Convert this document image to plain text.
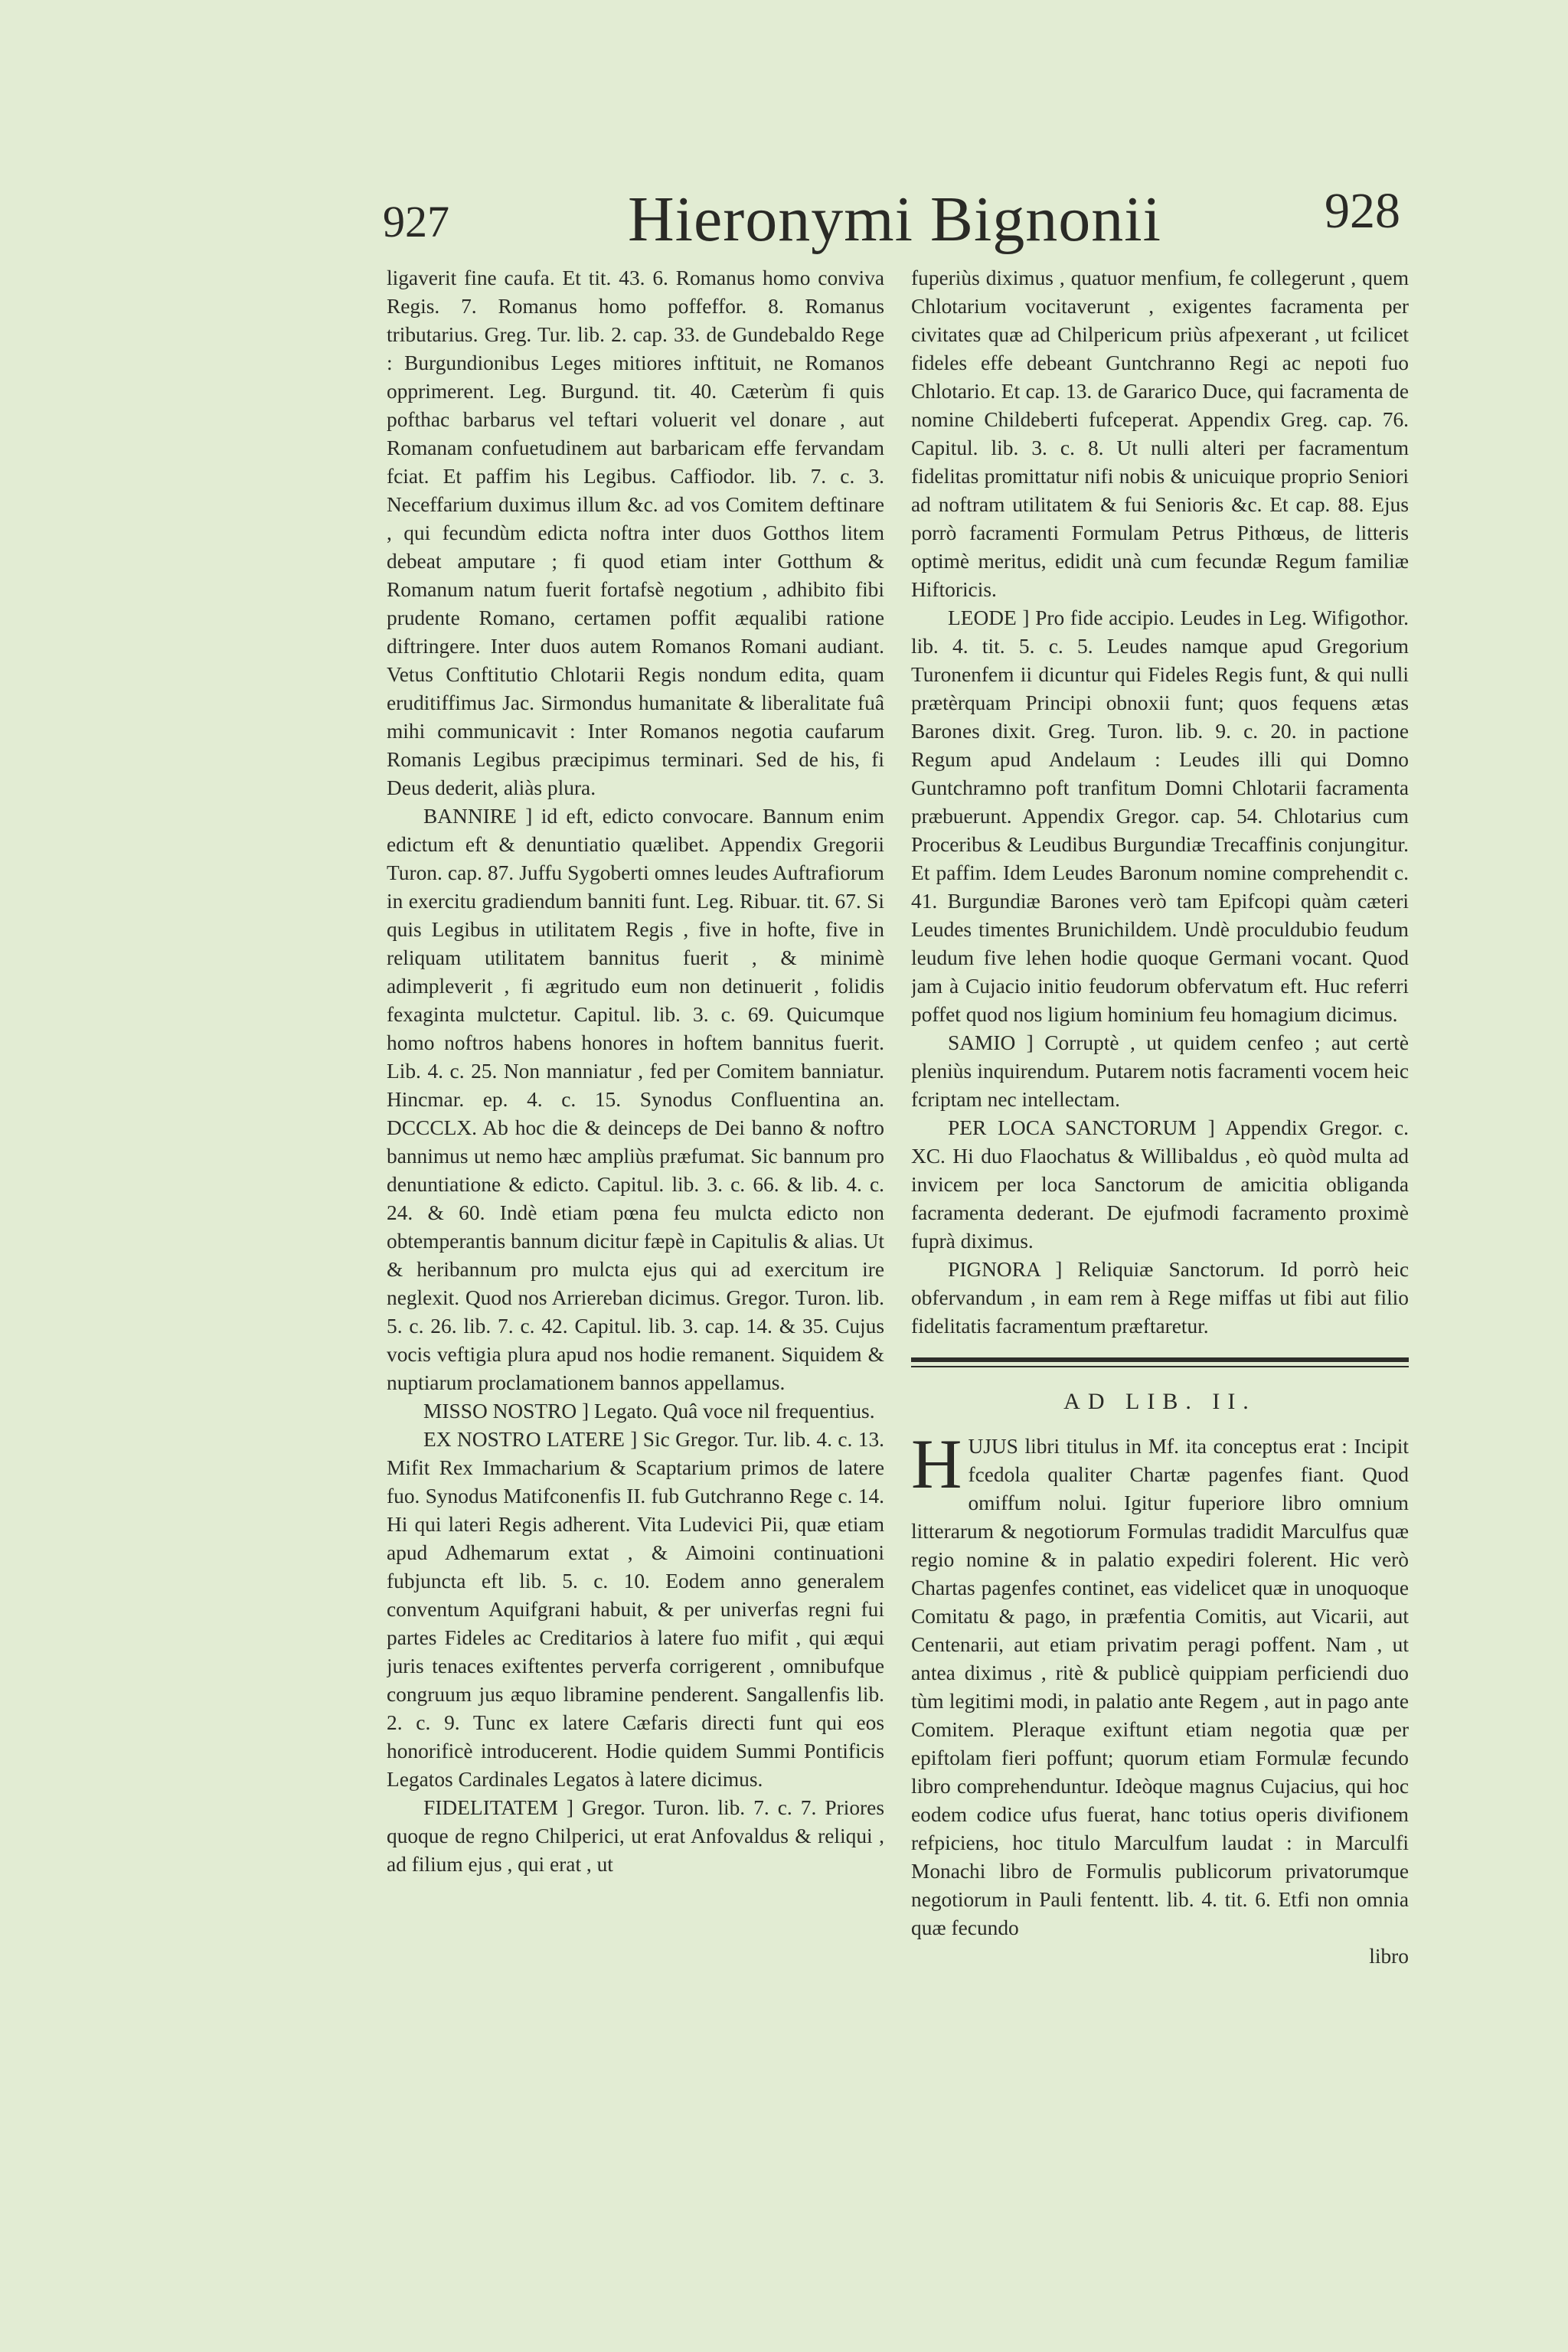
927	Hieronymi Bignonii	928

ligaverit fine caufa. Et tit. 43. 6. Romanus homo conviva Regis. 7. Romanus homo poffeffor. 8. Romanus tributarius. Greg. Tur. lib. 2. cap. 33. de Gundebaldo Rege : Burgundionibus Leges mitiores inftituit, ne Romanos opprimerent. Leg. Burgund. tit. 40. Cæterùm fi quis pofthac barbarus vel teftari voluerit vel donare , aut Romanam confuetudinem aut barbaricam effe fervandam fciat. Et paffim his Legibus. Caffiodor. lib. 7. c. 3. Neceffarium duximus illum &c. ad vos Comitem deftinare , qui fecundùm edicta noftra inter duos Gotthos litem debeat amputare ; fi quod etiam inter Gotthum & Romanum natum fuerit fortafsè negotium , adhibito fibi prudente Romano, certamen poffit æqualibi ratione diftringere. Inter duos autem Romanos Romani audiant. Vetus Conftitutio Chlotarii Regis nondum edita, quam eruditiffimus Jac. Sirmondus humanitate & liberalitate fuâ mihi communicavit : Inter Romanos negotia caufarum Romanis Legibus præcipimus terminari. Sed de his, fi Deus dederit, aliàs plura.

BANNIRE ] id eft, edicto convocare. Bannum enim edictum eft & denuntiatio quælibet. Appendix Gregorii Turon. cap. 87. Juffu Sygoberti omnes leudes Auftrafiorum in exercitu gradiendum banniti funt. Leg. Ribuar. tit. 67. Si quis Legibus in utilitatem Regis , five in hofte, five in reliquam utilitatem bannitus fuerit , & minimè adimpleverit , fi ægritudo eum non detinuerit , folidis fexaginta mulctetur. Capitul. lib. 3. c. 69. Quicumque homo noftros habens honores in hoftem bannitus fuerit. Lib. 4. c. 25. Non manniatur , fed per Comitem banniatur. Hincmar. ep. 4. c. 15. Synodus Confluentina an. DCCCLX. Ab hoc die & deinceps de Dei banno & noftro bannimus ut nemo hæc ampliùs præfumat. Sic bannum pro denuntiatione & edicto. Capitul. lib. 3. c. 66. & lib. 4. c. 24. & 60. Indè etiam pœna feu mulcta edicto non obtemperantis bannum dicitur fæpè in Capitulis & alias. Ut & heribannum pro mulcta ejus qui ad exercitum ire neglexit. Quod nos Arriereban dicimus. Gregor. Turon. lib. 5. c. 26. lib. 7. c. 42. Capitul. lib. 3. cap. 14. & 35. Cujus vocis veftigia plura apud nos hodie remanent. Siquidem & nuptiarum proclamationem bannos appellamus.

MISSO NOSTRO ] Legato. Quâ voce nil frequentius.

EX NOSTRO LATERE ] Sic Gregor. Tur. lib. 4. c. 13. Mifit Rex Immacharium & Scaptarium primos de latere fuo. Synodus Matifconenfis II. fub Gutchranno Rege c. 14. Hi qui lateri Regis adherent. Vita Ludevici Pii, quæ etiam apud Adhemarum extat , & Aimoini continuationi fubjuncta eft lib. 5. c. 10. Eodem anno generalem conventum Aquifgrani habuit, & per univerfas regni fui partes Fideles ac Creditarios à latere fuo mifit , qui æqui juris tenaces exiftentes perverfa corrigerent , omnibufque congruum jus æquo libramine penderent. Sangallenfis lib. 2. c. 9. Tunc ex latere Cæfaris directi funt qui eos honorificè introducerent. Hodie quidem Summi Pontificis Legatos Cardinales Legatos à latere dicimus.

FIDELITATEM ] Gregor. Turon. lib. 7. c. 7. Priores quoque de regno Chilperici, ut erat Anfovaldus & reliqui , ad filium ejus , qui erat , ut

fuperiùs diximus , quatuor menfium, fe collegerunt , quem Chlotarium vocitaverunt , exigentes facramenta per civitates quæ ad Chilpericum priùs afpexerant , ut fcilicet fideles effe debeant Guntchranno Regi ac nepoti fuo Chlotario. Et cap. 13. de Gararico Duce, qui facramenta de nomine Childeberti fufceperat. Appendix Greg. cap. 76. Capitul. lib. 3. c. 8. Ut nulli alteri per facramentum fidelitas promittatur nifi nobis & unicuique proprio Seniori ad noftram utilitatem & fui Senioris &c. Et cap. 88. Ejus porrò facramenti Formulam Petrus Pithœus, de litteris optimè meritus, edidit unà cum fecundæ Regum familiæ Hiftoricis.

LEODE ] Pro fide accipio. Leudes in Leg. Wifigothor. lib. 4. tit. 5. c. 5. Leudes namque apud Gregorium Turonenfem ii dicuntur qui Fideles Regis funt, & qui nulli prætèrquam Principi obnoxii funt; quos fequens ætas Barones dixit. Greg. Turon. lib. 9. c. 20. in pactione Regum apud Andelaum : Leudes illi qui Domno Guntchramno poft tranfitum Domni Chlotarii facramenta præbuerunt. Appendix Gregor. cap. 54. Chlotarius cum Proceribus & Leudibus Burgundiæ Trecaffinis conjungitur. Et paffim. Idem Leudes Baronum nomine comprehendit c. 41. Burgundiæ Barones verò tam Epifcopi quàm cæteri Leudes timentes Brunichildem. Undè proculdubio feudum leudum five lehen hodie quoque Germani vocant. Quod jam à Cujacio initio feudorum obfervatum eft. Huc referri poffet quod nos ligium hominium feu homagium dicimus.

SAMIO ] Corruptè , ut quidem cenfeo ; aut certè pleniùs inquirendum. Putarem notis facramenti vocem heic fcriptam nec intellectam.

PER LOCA SANCTORUM ] Appendix Gregor. c. XC. Hi duo Flaochatus & Willibaldus , eò quòd multa ad invicem per loca Sanctorum de amicitia obliganda facramenta dederant. De ejufmodi facramento proximè fuprà diximus.

PIGNORA ] Reliquiæ Sanctorum. Id porrò heic obfervandum , in eam rem à Rege miffas ut fibi aut filio fidelitatis facramentum præftaretur.

AD LIB. II.

HUJUS libri titulus in Mf. ita conceptus erat : Incipit fcedola qualiter Chartæ pagenfes fiant. Quod omiffum nolui. Igitur fuperiore libro omnium litterarum & negotiorum Formulas tradidit Marculfus quæ regio nomine & in palatio expediri folerent. Hic verò Chartas pagenfes continet, eas videlicet quæ in unoquoque Comitatu & pago, in præfentia Comitis, aut Vicarii, aut Centenarii, aut etiam privatim peragi poffent. Nam , ut antea diximus , ritè & publicè quippiam perficiendi duo tùm legitimi modi, in palatio ante Regem , aut in pago ante Comitem. Pleraque exiftunt etiam negotia quæ per epiftolam fieri poffunt; quorum etiam Formulæ fecundo libro comprehenduntur. Ideòque magnus Cujacius, qui hoc eodem codice ufus fuerat, hanc totius operis divifionem refpiciens, hoc titulo Marculfum laudat : in Marculfi Monachi libro de Formulis publicorum privatorumque negotiorum in Pauli fententt. lib. 4. tit. 6. Etfi non omnia quæ fecundo

libro
